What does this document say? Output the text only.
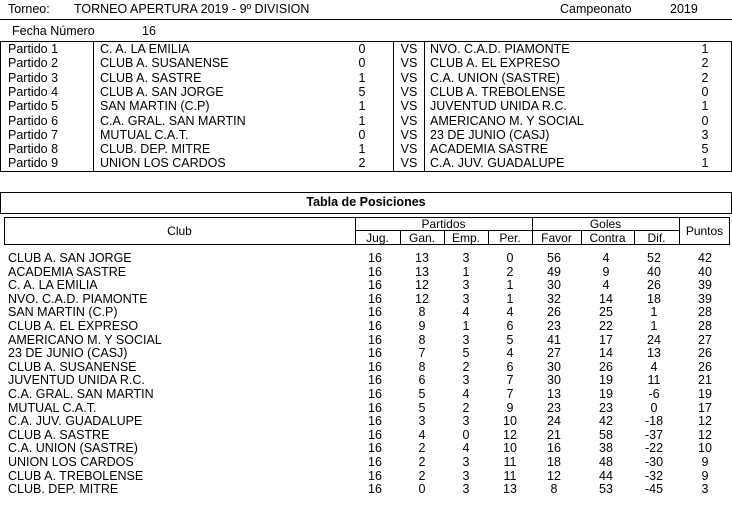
Torneo: TORNEO APERTURA 2019 - 9º DIVISION	Campeonato	2019
Fecha Número	16
Partido 1	C. A. LA EMILIA	0	VS	NVO. C.A.D. PIAMONTE	1
Partido 2	CLUB A. SUSANENSE	0	VS	CLUB A. EL EXPRESO	2
Partido 3	CLUB A. SASTRE	1	VS	C.A. UNION (SASTRE)	2
Partido 4	CLUB A. SAN JORGE	5	VS	CLUB A. TREBOLENSE	0
Partido 5	SAN MARTIN (C.P)	1	VS	JUVENTUD UNIDA R.C.	1
Partido 6	C.A. GRAL. SAN MARTIN	1	VS	AMERICANO M. Y SOCIAL	0
Partido 7	MUTUAL C.A.T.	0	VS	23 DE JUNIO (CASJ)	3
Partido 8	CLUB. DEP. MITRE	1	VS	ACADEMIA SASTRE	5
Partido 9	UNION LOS CARDOS	2	VS	C.A. JUV. GUADALUPE	1
Tabla de Posiciones
Club	Partidos	Goles	Puntos
Jug.	Gan.	Emp.	Per.	Favor	Contra	Dif.
CLUB A. SAN JORGE	16	13	3	0	56	4	52	42
ACADEMIA SASTRE	16	13	1	2	49	9	40	40
C. A. LA EMILIA	16	12	3	1	30	4	26	39
NVO. C.A.D. PIAMONTE	16	12	3	1	32	14	18	39
SAN MARTIN (C.P)	16	8	4	4	26	25	1	28
CLUB A. EL EXPRESO	16	9	1	6	23	22	1	28
AMERICANO M. Y SOCIAL	16	8	3	5	41	17	24	27
23 DE JUNIO (CASJ)	16	7	5	4	27	14	13	26
CLUB A. SUSANENSE	16	8	2	6	30	26	4	26
JUVENTUD UNIDA R.C.	16	6	3	7	30	19	11	21
C.A. GRAL. SAN MARTIN	16	5	4	7	13	19	-6	19
MUTUAL C.A.T.	16	5	2	9	23	23	0	17
C.A. JUV. GUADALUPE	16	3	3	10	24	42	-18	12
CLUB A. SASTRE	16	4	0	12	21	58	-37	12
C.A. UNION (SASTRE)	16	2	4	10	16	38	-22	10
UNION LOS CARDOS	16	2	3	11	18	48	-30	9
CLUB A. TREBOLENSE	16	2	3	11	12	44	-32	9
CLUB. DEP. MITRE	16	0	3	13	8	53	-45	3
